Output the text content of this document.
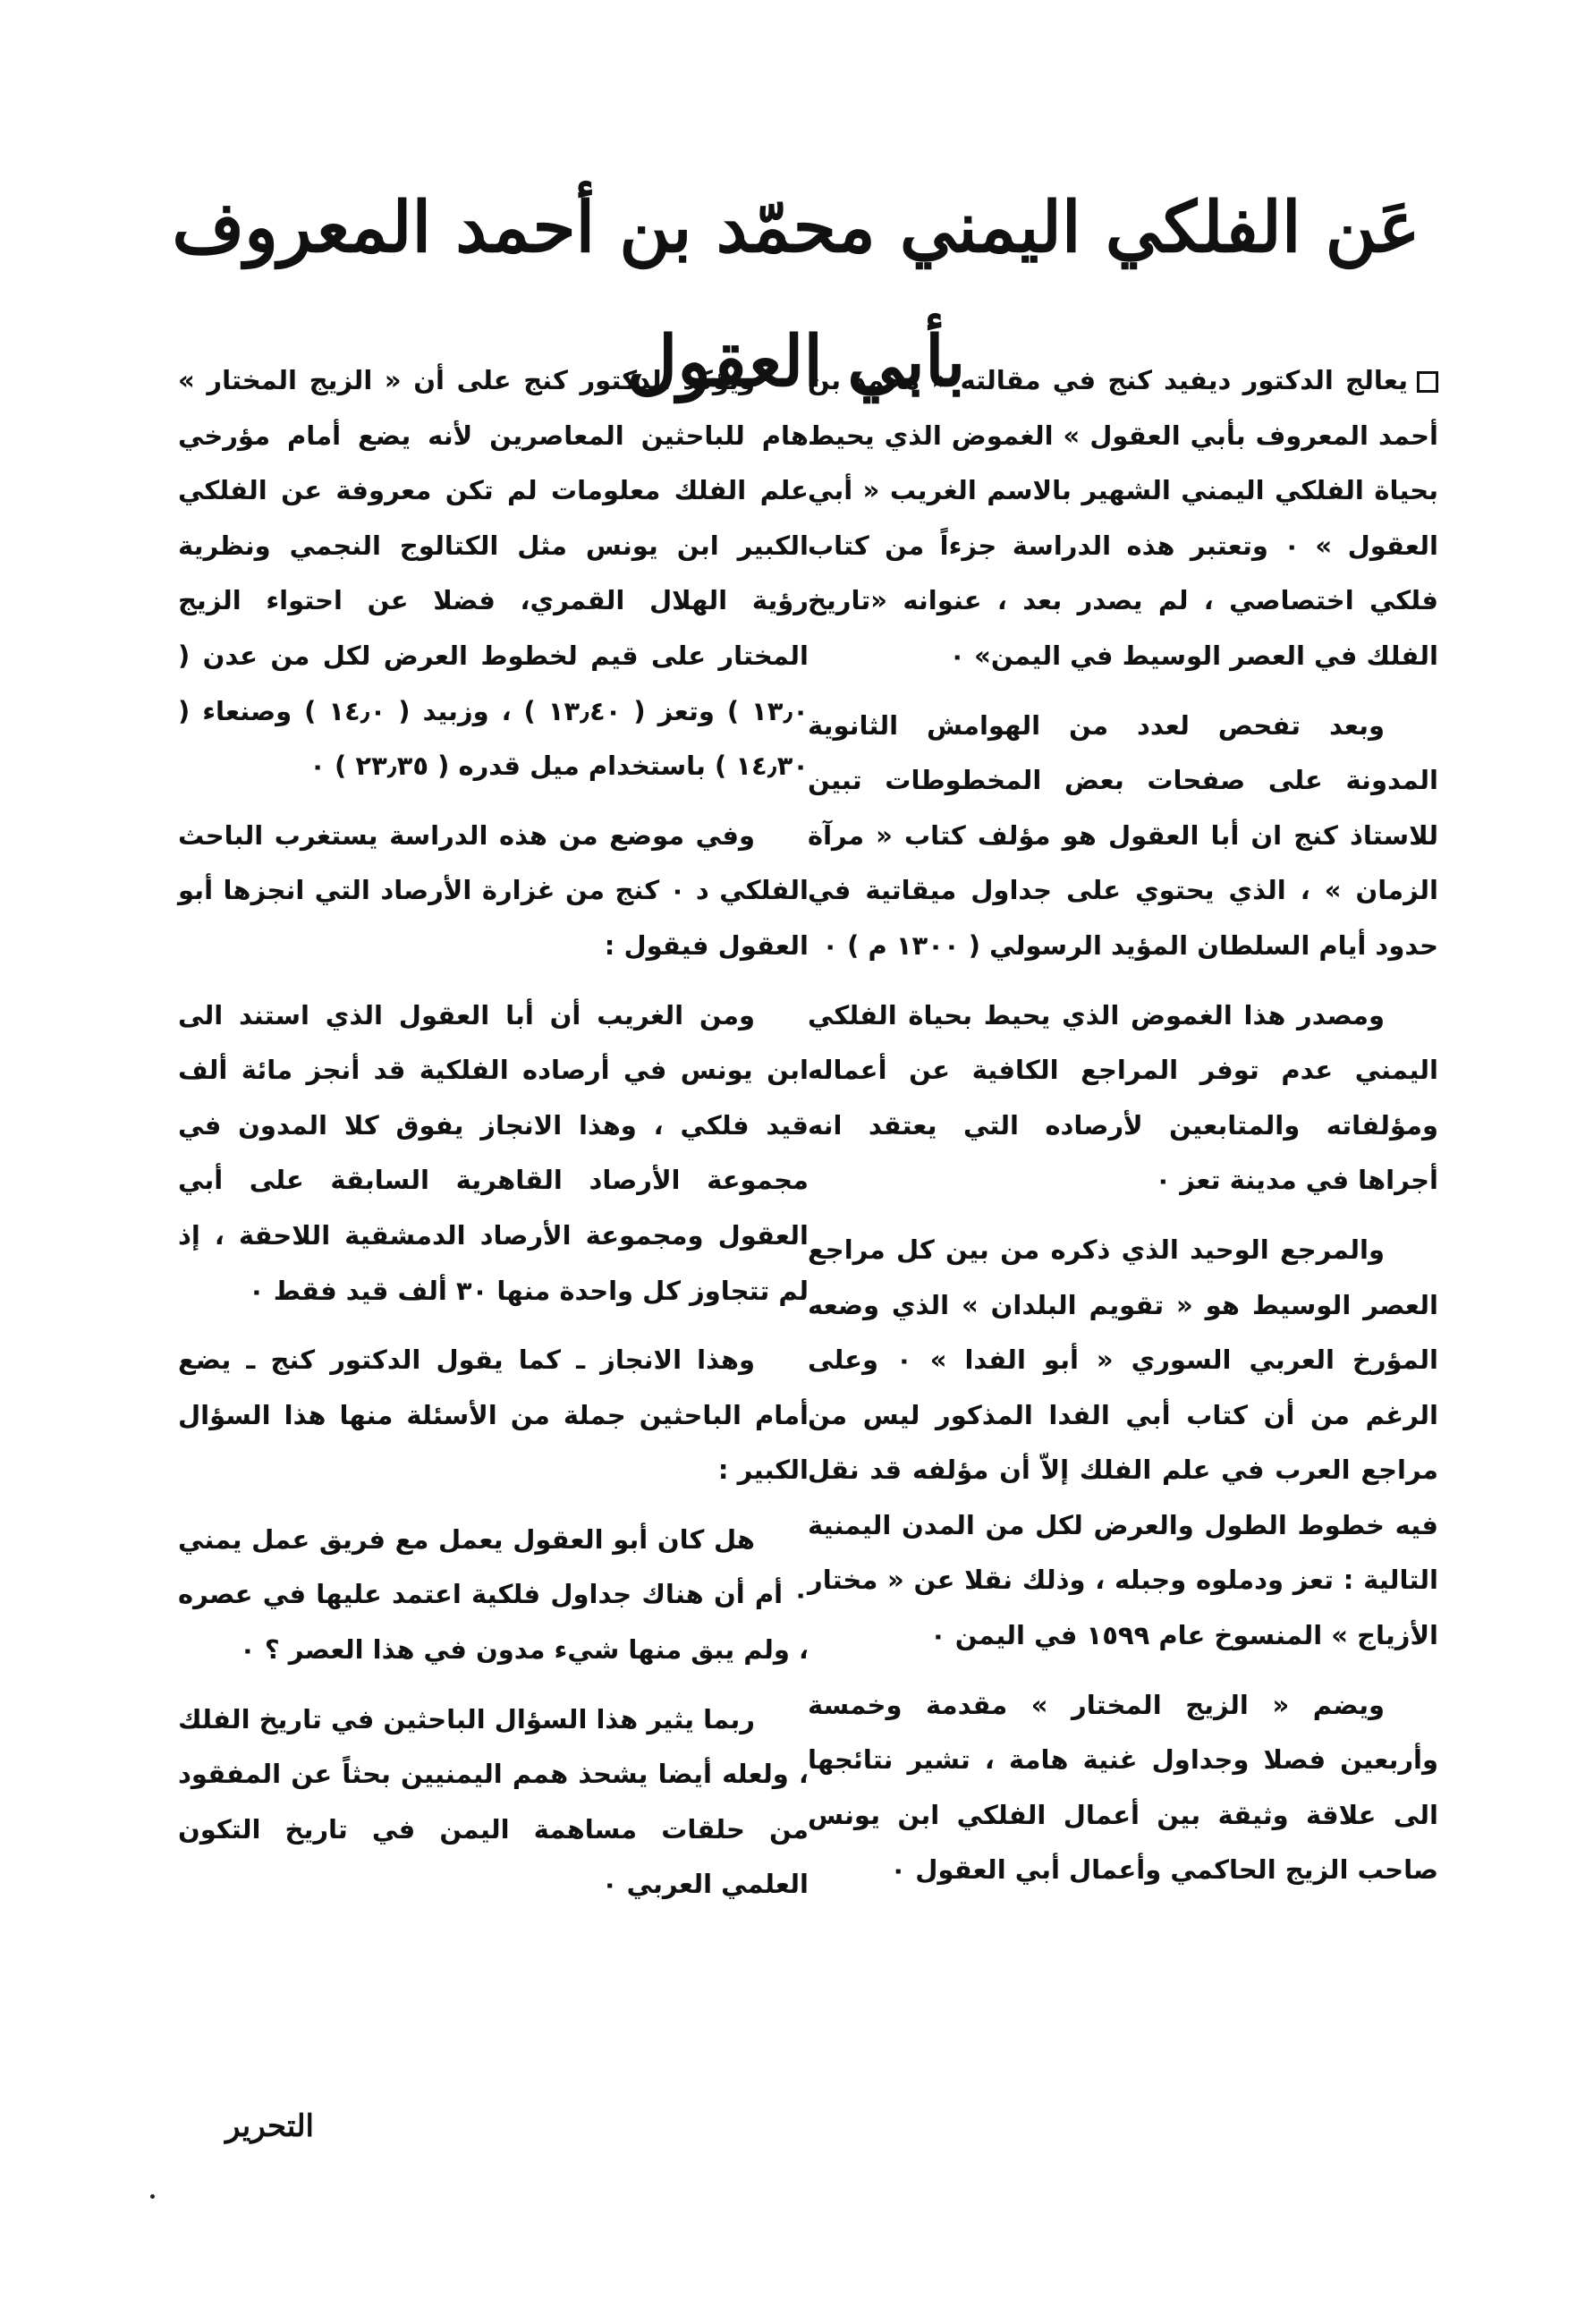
عَن الفلكي اليمني محمّد بن أحمد المعروف بأبي العقول

يعالج الدكتور ديفيد كنج في مقالته « محمد بن أحمد المعروف بأبي العقول » الغموض الذي يحيط بحياة الفلكي اليمني الشهير بالاسم الغريب « أبي العقول » ٠ وتعتبر هذه الدراسة جزءاً من كتاب فلكي اختصاصي ، لم يصدر بعد ، عنوانه «تاريخ الفلك في العصر الوسيط في اليمن» ٠

وبعد تفحص لعدد من الهوامش الثانوية المدونة على صفحات بعض المخطوطات تبين للاستاذ كنج ان أبا العقول هو مؤلف كتاب « مرآة الزمان » ، الذي يحتوي على جداول ميقاتية في حدود أيام السلطان المؤيد الرسولي ( ١٣٠٠ م ) ٠

ومصدر هذا الغموض الذي يحيط بحياة الفلكي اليمني عدم توفر المراجع الكافية عن أعماله ومؤلفاته والمتابعين لأرصاده التي يعتقد انه أجراها في مدينة تعز ٠

والمرجع الوحيد الذي ذكره من بين كل مراجع العصر الوسيط هو « تقويم البلدان » الذي وضعه المؤرخ العربي السوري « أبو الفدا » ٠ وعلى الرغم من أن كتاب أبي الفدا المذكور ليس من مراجع العرب في علم الفلك إلاّ أن مؤلفه قد نقل فيه خطوط الطول والعرض لكل من المدن اليمنية التالية : تعز ودملوه وجبله ، وذلك نقلا عن « مختار الأزياج » المنسوخ عام ١٥٩٩ في اليمن ٠

ويضم « الزيج المختار » مقدمة وخمسة وأربعين فصلا وجداول غنية هامة ، تشير نتائجها الى علاقة وثيقة بين أعمال الفلكي ابن يونس صاحب الزيج الحاكمي وأعمال أبي العقول ٠

ويؤكد الدكتور كنج على أن « الزيج المختار » هام للباحثين المعاصرين لأنه يضع أمام مؤرخي علم الفلك معلومات لم تكن معروفة عن الفلكي الكبير ابن يونس مثل الكتالوج النجمي ونظرية رؤية الهلال القمري، فضلا عن احتواء الزيج المختار على قيم لخطوط العرض لكل من عدن ( ١٣٫٠ ) وتعز ( ١٣٫٤٠ ) ، وزبيد ( ١٤٫٠ ) وصنعاء ( ١٤٫٣٠ ) باستخدام ميل قدره ( ٢٣٫٣٥ ) ٠

وفي موضع من هذه الدراسة يستغرب الباحث الفلكي د ٠ كنج من غزارة الأرصاد التي انجزها أبو العقول فيقول :

ومن الغريب أن أبا العقول الذي استند الى ابن يونس في أرصاده الفلكية قد أنجز مائة ألف قيد فلكي ، وهذا الانجاز يفوق كلا المدون في مجموعة الأرصاد القاهرية السابقة على أبي العقول ومجموعة الأرصاد الدمشقية اللاحقة ، إذ لم تتجاوز كل واحدة منها ٣٠ ألف قيد فقط ٠

وهذا الانجاز ـ كما يقول الدكتور كنج ـ يضع أمام الباحثين جملة من الأسئلة منها هذا السؤال الكبير :

هل كان أبو العقول يعمل مع فريق عمل يمني ٠ أم أن هناك جداول فلكية اعتمد عليها في عصره ، ولم يبق منها شيء مدون في هذا العصر ؟ ٠

ربما يثير هذا السؤال الباحثين في تاريخ الفلك ، ولعله أيضا يشحذ همم اليمنيين بحثاً عن المفقود من حلقات مساهمة اليمن في تاريخ التكون العلمي العربي ٠

التحرير
